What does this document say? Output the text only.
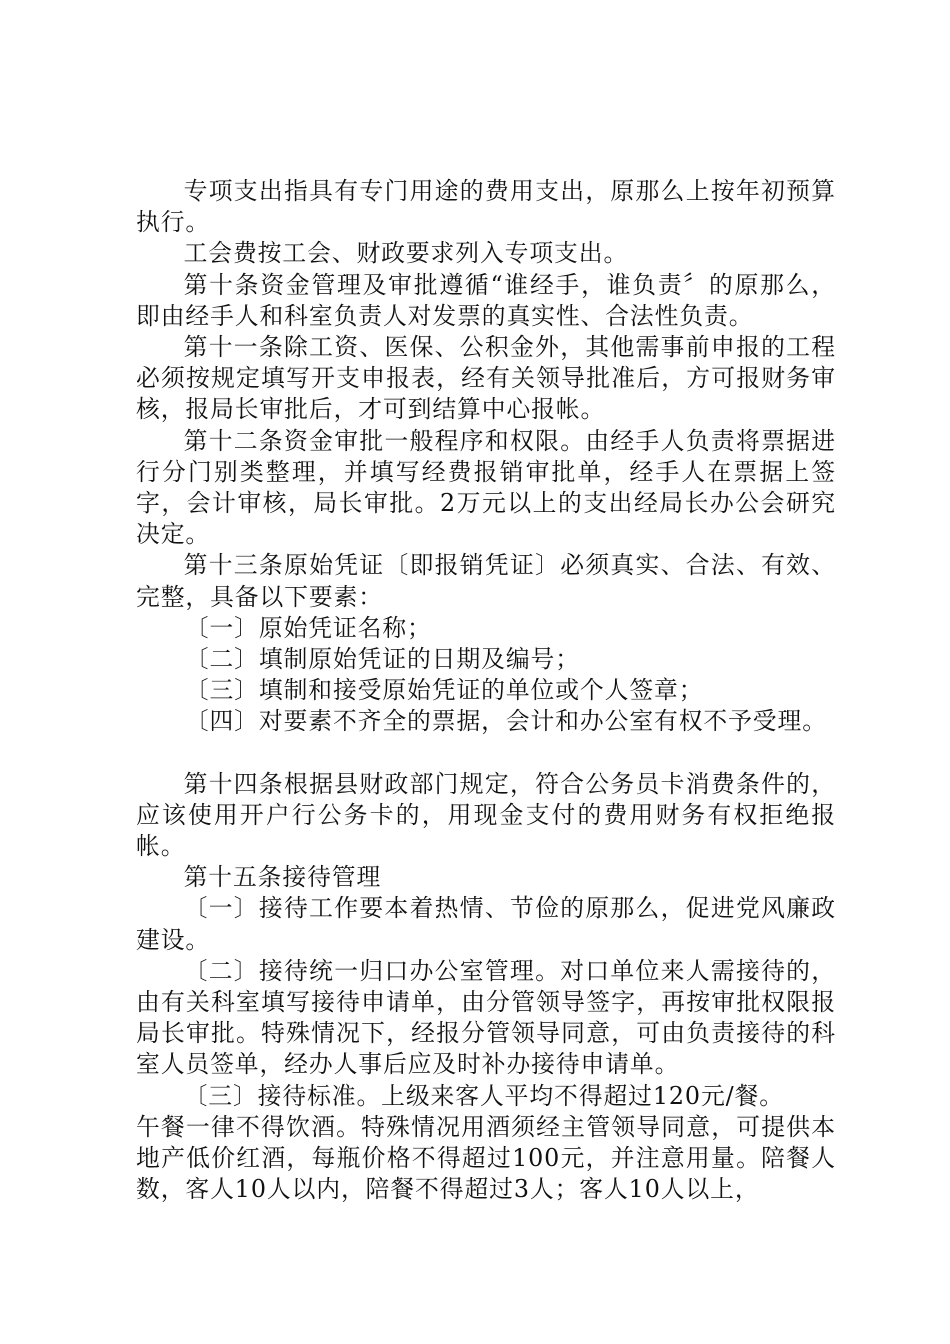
专项支出指具有专门用途的费用支出，原那么上按年初预算执行。

工会费按工会、财政要求列入专项支出。

第十条资金管理及审批遵循“谁经手，谁负责〞的原那么，即由经手人和科室负责人对发票的真实性、合法性负责。

第十一条除工资、医保、公积金外，其他需事前申报的工程必须按规定填写开支申报表，经有关领导批准后，方可报财务审核，报局长审批后，才可到结算中心报帐。

第十二条资金审批一般程序和权限。由经手人负责将票据进行分门别类整理，并填写经费报销审批单，经手人在票据上签字，会计审核，局长审批。2万元以上的支出经局长办公会研究决定。

第十三条原始凭证〔即报销凭证〕必须真实、合法、有效、完整，具备以下要素：

〔一〕原始凭证名称；

〔二〕填制原始凭证的日期及编号；

〔三〕填制和接受原始凭证的单位或个人签章；

〔四〕对要素不齐全的票据，会计和办公室有权不予受理。

第十四条根据县财政部门规定，符合公务员卡消费条件的，应该使用开户行公务卡的，用现金支付的费用财务有权拒绝报帐。

第十五条接待管理

〔一〕接待工作要本着热情、节俭的原那么，促进党风廉政建设。

〔二〕接待统一归口办公室管理。对口单位来人需接待的，由有关科室填写接待申请单，由分管领导签字，再按审批权限报局长审批。特殊情况下，经报分管领导同意，可由负责接待的科室人员签单，经办人事后应及时补办接待申请单。

〔三〕接待标准。上级来客人平均不得超过120元/餐。

午餐一律不得饮酒。特殊情况用酒须经主管领导同意，可提供本地产低价红酒，每瓶价格不得超过100元，并注意用量。陪餐人数，客人10人以内，陪餐不得超过3人；客人10人以上，
